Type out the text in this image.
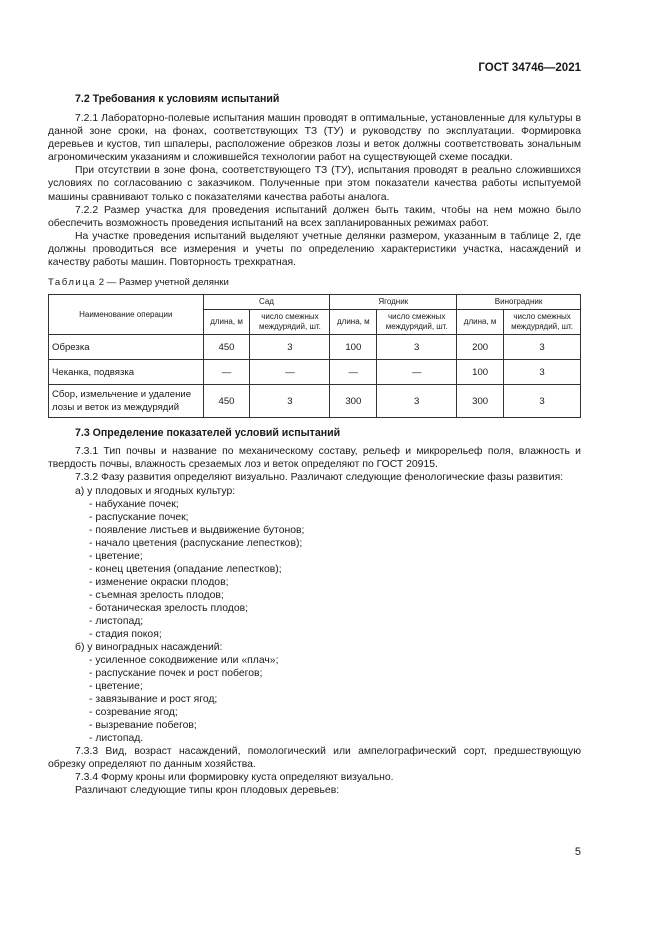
ГОСТ 34746—2021
7.2 Требования к условиям испытаний

7.2.1 Лабораторно-полевые испытания машин проводят в оптимальные, установленные для культуры в данной зоне сроки, на фонах, соответствующих ТЗ (ТУ) и руководству по эксплуатации. Формировка деревьев и кустов, тип шпалеры, расположение обрезков лозы и веток должны соответствовать зональным агрономическим указаниям и сложившейся технологии работ на существующей схеме посадки.

При отсутствии в зоне фона, соответствующего ТЗ (ТУ), испытания проводят в реально сложившихся условиях по согласованию с заказчиком. Полученные при этом показатели качества работы испытуемой машины сравнивают только с показателями качества работы аналога.

7.2.2 Размер участка для проведения испытаний должен быть таким, чтобы на нем можно было обеспечить возможность проведения испытаний на всех запланированных режимах работ.

На участке проведения испытаний выделяют учетные делянки размером, указанным в таблице 2, где должны проводиться все измерения и учеты по определению характеристики участка, насаждений и качеству работы машин. Повторность трехкратная.

Таблица 2 — Размер учетной делянки
Наименование операции	Сад		Ягодник		Виноградник	
	длина, м	число смежных междурядий, шт.	длина, м	число смежных междурядий, шт.	длина, м	число смежных междурядий, шт.
Обрезка	450	3	100	3	200	3
Чеканка, подвязка	—	—	—	—	100	3
Сбор, измельчение и удаление лозы и веток из междурядий	450	3	300	3	300	3
7.3 Определение показателей условий испытаний

7.3.1 Тип почвы и название по механическому составу, рельеф и микрорельеф поля, влажность и твердость почвы, влажность срезаемых лоз и веток определяют по ГОСТ 20915.

7.3.2 Фазу развития определяют визуально. Различают следующие фенологические фазы развития:

а) у плодовых и ягодных культур:
- набухание почек;
- распускание почек;
- появление листьев и выдвижение бутонов;
- начало цветения (распускание лепестков);
- цветение;
- конец цветения (опадание лепестков);
- изменение окраски плодов;
- съемная зрелость плодов;
- ботаническая зрелость плодов;
- листопад;
- стадия покоя;
б) у виноградных насаждений:
- усиленное сокодвижение или «плач»;
- распускание почек и рост побегов;
- цветение;
- завязывание и рост ягод;
- созревание ягод;
- вызревание побегов;
- листопад.

7.3.3 Вид, возраст насаждений, помологический или ампелографический сорт, предшествующую обрезку определяют по данным хозяйства.

7.3.4 Форму кроны или формировку куста определяют визуально.

Различают следующие типы крон плодовых деревьев:

5
